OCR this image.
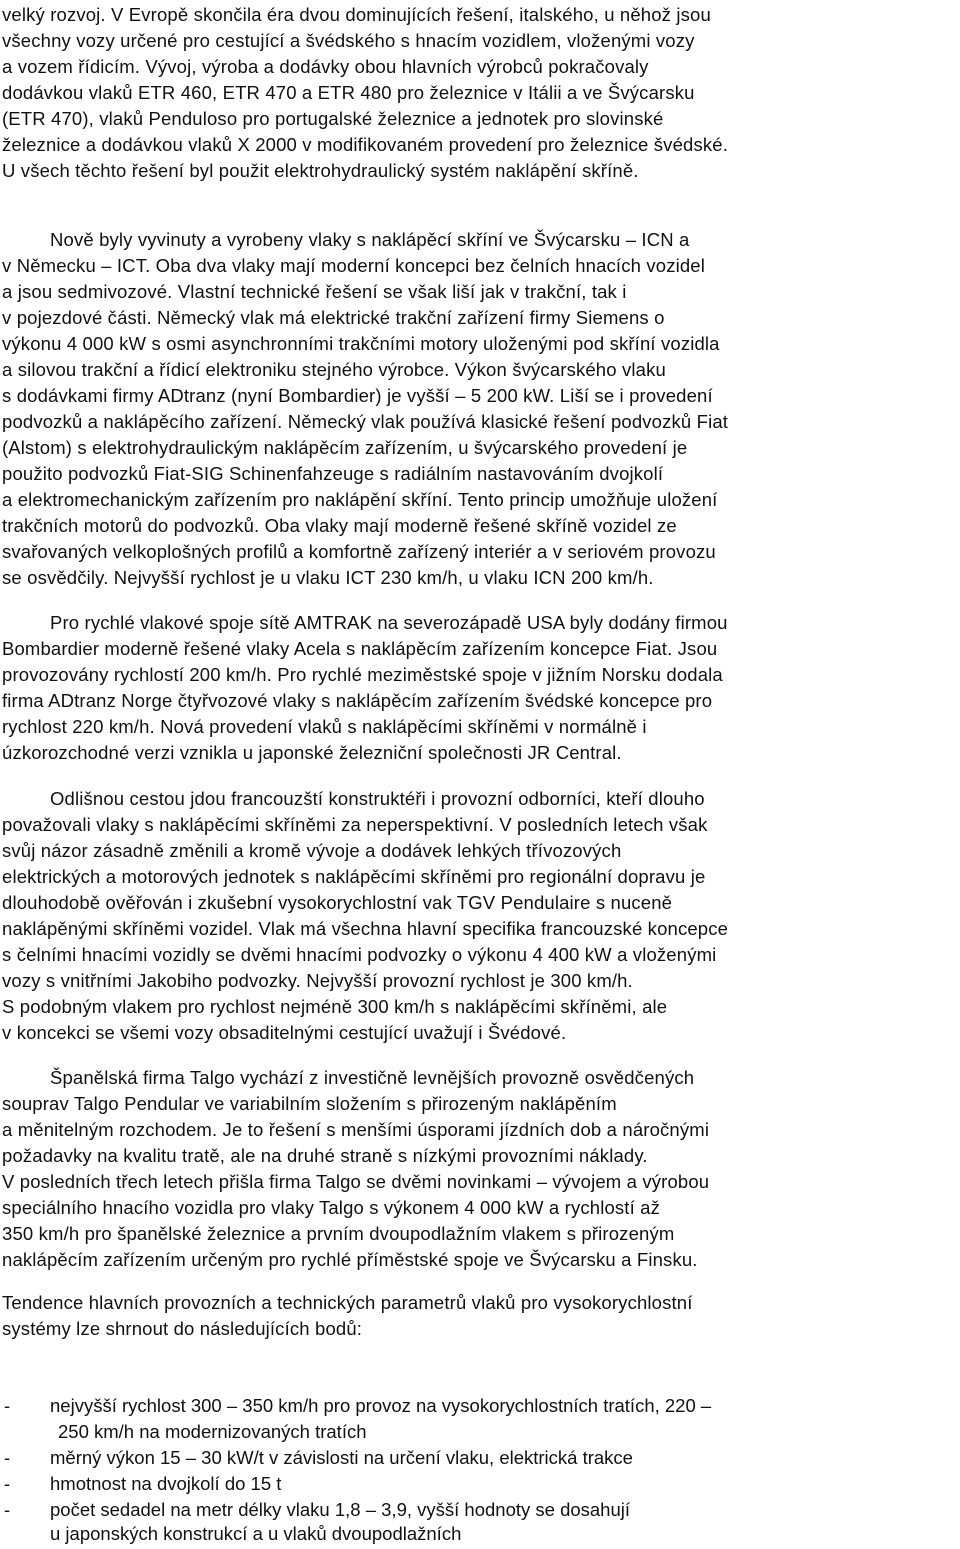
velký rozvoj. V Evropě skončila éra dvou dominujících řešení, italského, u něhož jsou
všechny vozy určené pro cestující a švédského s hnacím vozidlem, vloženými vozy
a vozem řídicím. Vývoj, výroba a dodávky obou hlavních výrobců pokračovaly
dodávkou vlaků ETR 460, ETR 470 a ETR 480 pro železnice v Itálii a ve Švýcarsku
(ETR 470), vlaků Penduloso pro portugalské železnice a jednotek pro slovinské
železnice a dodávkou vlaků X 2000 v modifikovaném provedení pro železnice švédské.
U všech těchto řešení byl použit elektrohydraulický systém naklápění skříně.
Nově byly vyvinuty a vyrobeny vlaky s naklápěcí skříní ve Švýcarsku – ICN a
v Německu – ICT. Oba dva vlaky mají moderní koncepci bez čelních hnacích vozidel
a jsou sedmivozové. Vlastní technické řešení se však liší jak v trakční, tak i
v pojezdové části. Německý vlak má elektrické trakční zařízení firmy Siemens o
výkonu 4 000 kW s osmi asynchronními trakčními motory uloženými pod skříní vozidla
a silovou trakční a řídicí elektroniku stejného výrobce. Výkon švýcarského vlaku
s dodávkami firmy ADtranz (nyní Bombardier) je vyšší – 5 200 kW. Liší se i provedení
podvozků a naklápěcího zařízení. Německý vlak používá klasické řešení podvozků Fiat
(Alstom) s elektrohydraulickým naklápěcím zařízením, u švýcarského provedení je
použito podvozků Fiat-SIG Schinenfahzeuge s radiálním nastavováním dvojkolí
a elektromechanickým zařízením pro naklápění skříní. Tento princip umožňuje uložení
trakčních motorů do podvozků. Oba vlaky mají moderně řešené skříně vozidel ze
svařovaných velkoplošných profilů a komfortně zařízený interiér a v seriovém provozu
se osvědčily. Nejvyšší rychlost je u vlaku ICT 230 km/h, u vlaku ICN 200 km/h.
Pro rychlé vlakové spoje sítě AMTRAK na severozápadě USA byly dodány firmou
Bombardier moderně řešené vlaky Acela s naklápěcím zařízením koncepce Fiat. Jsou
provozovány rychlostí 200 km/h. Pro rychlé meziměstské spoje v jižním Norsku dodala
firma ADtranz Norge čtyřvozové vlaky s naklápěcím zařízením švédské koncepce pro
rychlost 220 km/h. Nová provedení vlaků s naklápěcími skříněmi v normálně i
úzkorozchodné verzi vznikla u japonské železniční společnosti JR Central.
Odlišnou cestou jdou francouzští konstruktéři i provozní odborníci, kteří dlouho
považovali vlaky s naklápěcími skříněmi za neperspektivní. V posledních letech však
svůj názor zásadně změnili a kromě vývoje a dodávek lehkých třívozových
elektrických a motorových jednotek s naklápěcími skříněmi pro regionální dopravu je
dlouhodobě ověřován i zkušební vysokorychlostní vak TGV Pendulaire s nuceně
naklápěnými skříněmi vozidel. Vlak má všechna hlavní specifika francouzské koncepce
s čelními hnacími vozidly se dvěmi hnacími podvozky o výkonu 4 400 kW a vloženými
vozy s vnitřními Jakobiho podvozky. Nejvyšší provozní rychlost je 300 km/h.
S podobným vlakem pro rychlost nejméně 300 km/h s naklápěcími skříněmi, ale
v koncekci se všemi vozy obsaditelnými cestující uvažují i Švédové.
Španělská firma Talgo vychází z investičně levnějších provozně osvědčených
souprav Talgo Pendular ve variabilním složením s přirozeným naklápěním
a měnitelným rozchodem. Je to řešení s menšími úsporami jízdních dob a náročnými
požadavky na kvalitu tratě, ale na druhé straně s nízkými provozními náklady.
V posledních třech letech přišla firma Talgo se dvěmi novinkami – vývojem a výrobou
speciálního hnacího vozidla pro vlaky Talgo s výkonem 4 000 kW a rychlostí až
350 km/h pro španělské železnice a prvním dvoupodlažním vlakem s přirozeným
naklápěcím zařízením určeným pro rychlé příměstské spoje ve Švýcarsku a Finsku.
Tendence hlavních provozních a technických parametrů vlaků pro vysokorychlostní
systémy lze shrnout do následujících bodů:
- nejvyšší rychlost 300 – 350 km/h pro provoz na vysokorychlostních tratích, 220 –
250 km/h na modernizovaných tratích
- měrný výkon 15 – 30 kW/t v závislosti na určení vlaku, elektrická trakce
- hmotnost na dvojkolí do 15 t
- počet sedadel na metr délky vlaku 1,8 – 3,9, vyšší hodnoty se dosahují
u japonských konstrukcí a u vlaků dvoupodlažních
